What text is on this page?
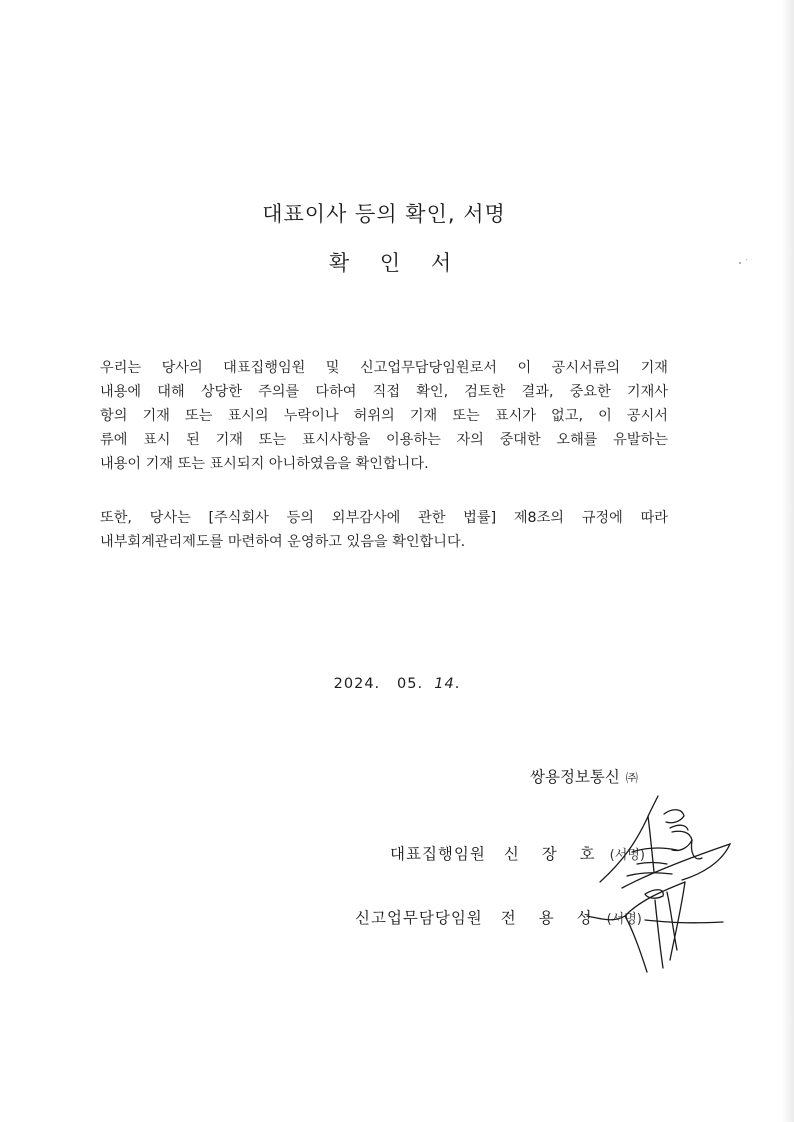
대표이사 등의 확인, 서명
확 인 서
우리는 당사의 대표집행임원 및 신고업무담당임원로서 이 공시서류의 기재
내용에 대해 상당한 주의를 다하여 직접 확인, 검토한 결과, 중요한 기재사
항의 기재 또는 표시의 누락이나 허위의 기재 또는 표시가 없고, 이 공시서
류에 표시 된 기재 또는 표시사항을 이용하는 자의 중대한 오해를 유발하는
내용이 기재 또는 표시되지 아니하였음을 확인합니다.
또한, 당사는 [주식회사 등의 외부감사에 관한 법률] 제8조의 규정에 따라
내부회계관리제도를 마련하여 운영하고 있음을 확인합니다.
2024. 05. 14.
쌍용정보통신 ㈜
대표집행임원 신 장 호 (서명)
신고업무담당임원 전 용 성 (서명)
